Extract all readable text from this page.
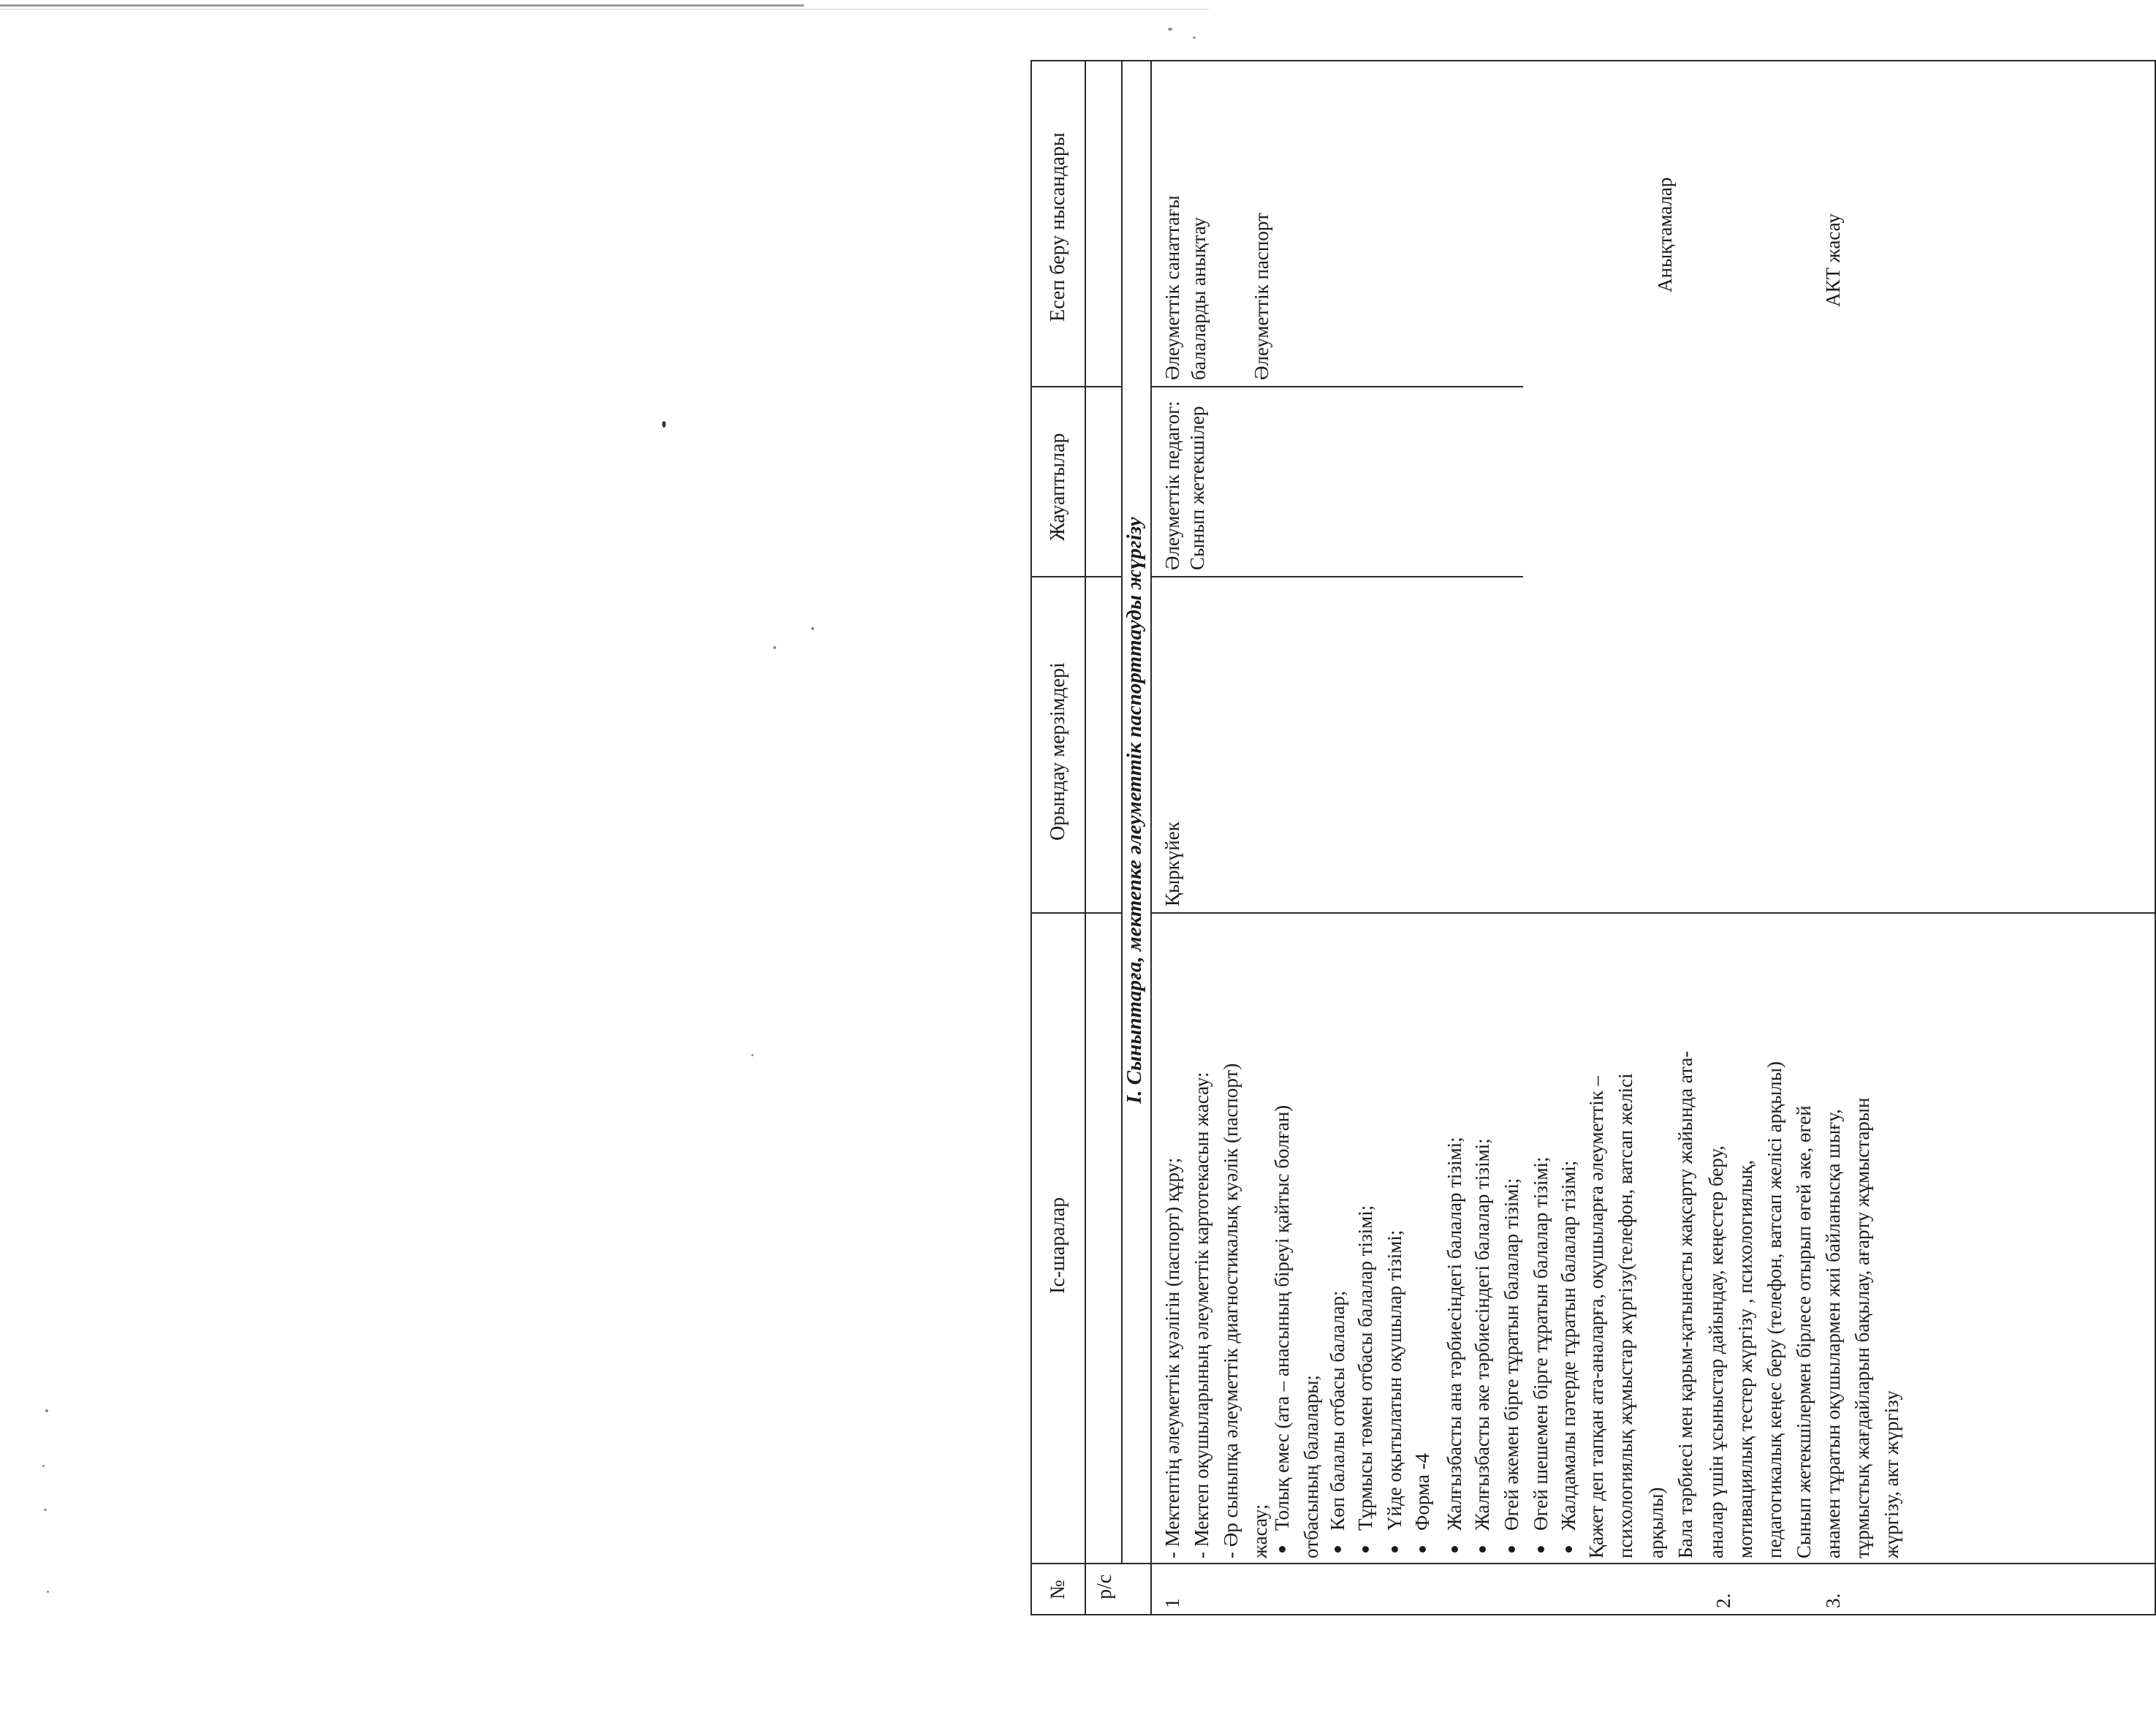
№ р/с
Іс-шаралар
Орындау мерзімдері
Жауаптылар
Есеп беру нысандары
І. Сыныптарға, мектепке әлеуметтік паспорттауды жүргізу
1
- Мектептің әлеуметтік куәлігін (паспорт) құру; - Мектеп оқушыларының әлеуметтік картотекасын жасау: - Әр сыныпқа әлеуметтік диагностикалық куәлік (паспорт) жасау;
Толық емес (ата – анасының біреуі қайтыс болған) отбасының балалары; Көп балалы отбасы балалар; Тұрмысы төмен отбасы балалар тізімі; Үйде оқытылатын оқушылар тізімі; Форма -4 Жалғызбасты ана тәрбиесіндегі балалар тізімі; Жалғызбасты әке тәрбиесіндегі балалар тізімі; Өгей әкемен бірге тұратын балалар тізімі; Өгей шешемен бірге тұратын балалар тізімі; Жалдамалы пәтерде тұратын балалар тізімі; Қажет деп тапқан ата-аналарға, оқушыларға әлеуметтік – психологиялық жұмыстар жүргізу(телефон, ватсап желісі арқылы)
Қыркүйек
Әлеуметтік педагог
:
Сынып жетекшілер
Әлеуметтік санаттағы балаларды анықтау Әлеуметтік паспорт
2.
Бала тәрбиесі мен қарым-қатынасты жақсарту жайында ата- аналар үшін ұсыныстар дайындау, кеңестер беру, мотивациялық тестер жүргізу , психологиялық, педагогикалық кеңес беру (телефон, ватсап желісі арқылы)
Анықтамалар
3.
Сынып жетекшілермен бірлесе отырып өгей әке, өгей анамен тұратын оқушылармен жиі байланысқа шығу, тұрмыстық жағдайларын бақылау, ағарту жұмыстарын жүргізу, акт жүргізу
АКТ жасау
